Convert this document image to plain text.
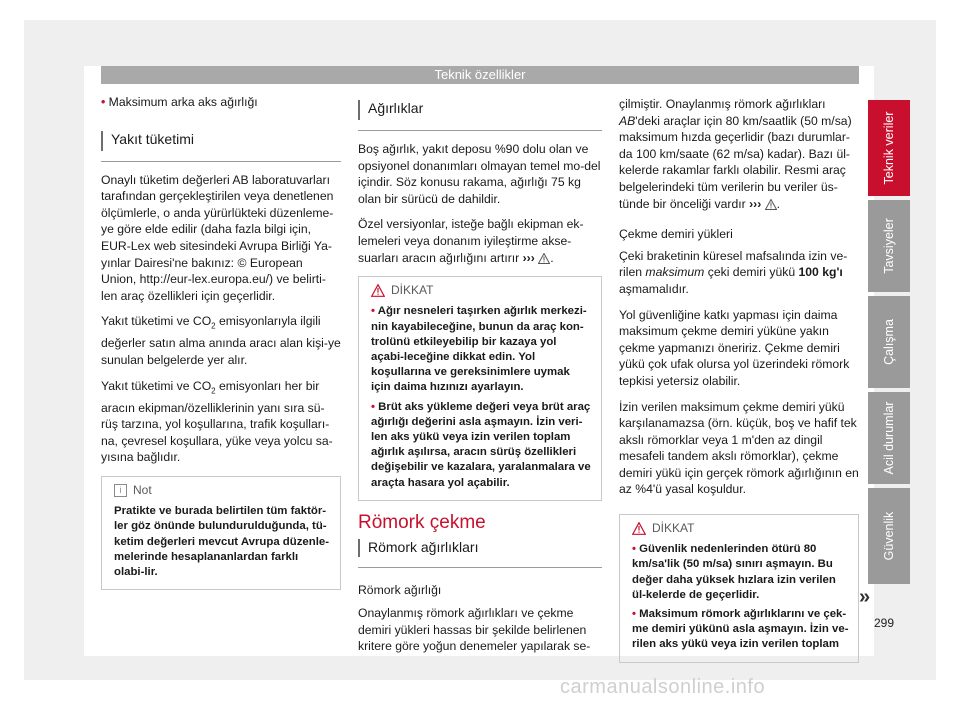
Teknik özellikler

• Maksimum arka aks ağırlığı

Yakıt tüketimi

Onaylı tüketim değerleri AB laboratuvarları tarafından gerçekleştirilen veya denetlenen ölçümlerle, o anda yürürlükteki düzenleme-ye göre elde edilir (daha fazla bilgi için, EUR-Lex web sitesindeki Avrupa Birliği Ya-yınlar Dairesi'ne bakınız: © European Union, http://eur-lex.europa.eu/) ve belirti-len araç özellikleri için geçerlidir.

Yakıt tüketimi ve $CO_2$ emisyonlarıyla ilgili değerler satın alma anında aracı alan kişi-ye sunulan belgelerde yer alır.

Yakıt tüketimi ve $CO_2$ emisyonları her bir aracın ekipman/özelliklerinin yanı sıra sü-rüş tarzına, yol koşullarına, trafik koşulları-na, çevresel koşullara, yüke veya yolcu sa-yısına bağlıdır.

i Not
Pratikte ve burada belirtilen tüm faktör-ler göz önünde bulundurulduğunda, tü-ketim değerleri mevcut Avrupa düzenle-melerinde hesaplananlardan farklı olabi-lir.
Ağırlıklar

Boş ağırlık, yakıt deposu %90 dolu olan ve opsiyonel donanımları olmayan temel mo-del içindir. Söz konusu rakama, ağırlığı 75 kg olan bir sürücü de dahildir.

Özel versiyonlar, isteğe bağlı ekipman ek-lemeleri veya donanım iyileştirme akse-suarları aracın ağırlığını artırır ››› .

DİKKAT

• Ağır nesneleri taşırken ağırlık merkezi-nin kayabileceğine, bunun da araç kon-trolünü etkileyebilip bir kazaya yol açabi-leceğine dikkat edin. Yol koşullarına ve gereksinimlere uymak için daima hızınızı ayarlayın.

• Brüt aks yükleme değeri veya brüt araç ağırlığı değerini asla aşmayın. İzin veri-len aks yükü veya izin verilen toplam ağırlık aşılırsa, aracın sürüş özellikleri değişebilir ve kazalara, yaralanmalara ve araçta hasara yol açabilir.

Römork çekme
Römork ağırlıkları

Römork ağırlığı

Onaylanmış römork ağırlıkları ve çekme demiri yükleri hassas bir şekilde belirlenen kritere göre yoğun denemeler yapılarak se-

çilmiştir. Onaylanmış römork ağırlıkları AB'deki araçlar için 80 km/saatlik (50 m/sa) maksimum hızda geçerlidir (bazı durumlar-da 100 km/saate (62 m/sa) kadar). Bazı ül-kelerde rakamlar farklı olabilir. Resmi araç belgelerindeki tüm verilerin bu veriler üs-tünde bir önceliği vardır ››› .

Çekme demiri yükleri

Çeki braketinin küresel mafsalında izin ve-rilen maksimum çeki demiri yükü 100 kg'ı aşmamalıdır.

Yol güvenliğine katkı yapması için daima maksimum çekme demiri yüküne yakın çekme yapmanızı öneririz. Çekme demiri yükü çok ufak olursa yol üzerindeki römork tepkisi yetersiz olabilir.

İzin verilen maksimum çekme demiri yükü karşılanamazsa (örn. küçük, boş ve hafif tek akslı römorklar veya 1 m'den az dingil mesafeli tandem akslı römorklar), çekme demiri yükü için gerçek römork ağırlığının en az %4'ü yasal koşuldur.

DİKKAT

• Güvenlik nedenlerinden ötürü 80 km/sa'lik (50 m/sa) sınırı aşmayın. Bu değer daha yüksek hızlara izin verilen ül-kelerde de geçerlidir.

• Maksimum römork ağırlıklarını ve çek-me demiri yükünü asla aşmayın. İzin ve-rilen aks yükü veya izin verilen toplam

Teknik veriler
Tavsiyeler
Çalışma
Acil durumlar
Güvenlik
»
299
carmanualsonline.info
